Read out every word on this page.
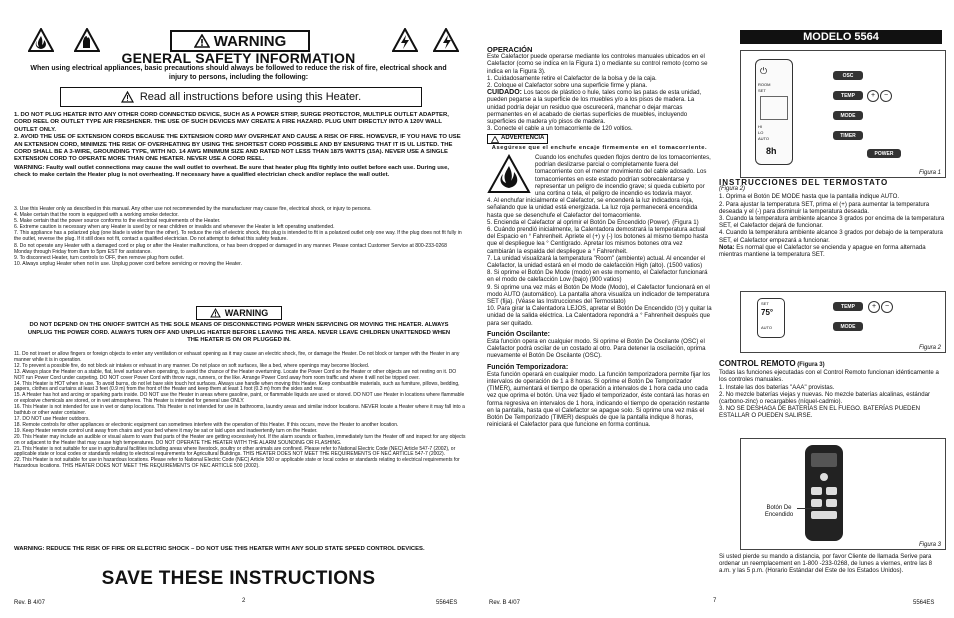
WARNING
GENERAL SAFETY INFORMATION
When using electrical appliances, basic precautions should always be followed to reduce the risk of fire, electrical shock and injury to persons, including the following:
Read all instructions before using this Heater.
1. DO NOT PLUG HEATER INTO ANY OTHER CORD CONNECTED DEVICE, SUCH AS A POWER STRIP, SURGE PROTECTOR, MULTIPLE OUTLET ADAPTER, CORD REEL OR OUTLET TYPE AIR FRESHENER. THE USE OF SUCH DEVICES MAY CREATE A FIRE HAZARD. PLUG UNIT DIRECTLY INTO A 120V WALL OUTLET ONLY.
2. AVOID THE USE OF EXTENSION CORDS BECAUSE THE EXTENSION CORD MAY OVERHEAT AND CAUSE A RISK OF FIRE. HOWEVER, IF YOU HAVE TO USE AN EXTENSION CORD, MINIMIZE THE RISK OF OVERHEATING BY USING THE SHORTEST CORD POSSIBLE AND BY ENSURING THAT IT IS UL LISTED. THE CORD SHALL BE A 3-WIRE, GROUNDING TYPE, WITH NO. 14 AWG MINIMUM SIZE AND RATED NOT LESS THAN 1875 WATTS (15A). NEVER USE A SINGLE EXTENSION CORD TO OPERATE MORE THAN ONE HEATER. NEVER USE A CORD REEL.
WARNING: Faulty wall outlet connections may cause the wall outlet to overheat. Be sure that heater plug fits tightly into outlet before each use. During use, check to make certain the Heater plug is not overheating. If necessary have a qualified electrician check and/or replace the wall outlet.
3. Use this Heater only as described in this manual. Any other use not recommended by the manufacturer may cause fire, electrical shock, or injury to persons.
4. Make certain that the room is equipped with a working smoke detector.
5. Make certain that the power source conforms to the electrical requirements of the Heater.
6. Extreme caution is necessary when any Heater is used by or near children or invalids and whenever the Heater is left operating unattended.
7. This appliance has a polarized plug (one blade is wider than the other). To reduce the risk of electric shock, this plug is intended to fit in a polarized outlet only one way. If the plug does not fit fully in the outlet, reverse the plug. If it still does not fit, contact a qualified electrician. Do not attempt to defeat this safety feature.
8. Do not operate any Heater with a damaged cord or plug or after the Heater malfunctions, or has been dropped or damaged in any manner. Please contact Customer Service at 800-233-0268 Monday through Friday from 8am to 5pm EST for assistance.
9. To disconnect Heater, turn controls to OFF, then remove plug from outlet.
10. Always unplug Heater when not in use. Unplug power cord before servicing or moving the Heater.
WARNING
DO NOT DEPEND ON THE ON/OFF SWITCH AS THE SOLE MEANS OF DISCONNECTING POWER WHEN SERVICING OR MOVING THE HEATER. ALWAYS UNPLUG THE POWER CORD. ALWAYS TURN OFF AND UNPLUG HEATER BEFORE LEAVING THE AREA. NEVER LEAVE CHILDREN UNATTENDED WHEN THE HEATER IS ON OR PLUGGED IN.
11. Do not insert or allow fingers or foreign objects to enter any ventilation or exhaust opening as it may cause an electric shock, fire, or damage the Heater. Do not block or tamper with the Heater in any manner while it is in operation.
12. To prevent a possible fire, do not block air intakes or exhaust in any manner. Do not place on soft surfaces, like a bed, where openings may become blocked.
13. Always place the Heater on a stable, flat, level surface when operating, to avoid the chance of the Heater overturning. Locate the Power Cord so the Heater or other objects are not resting on it. DO NOT run Power Cord under carpeting. DO NOT cover Power Cord with throw rugs, runners, or the like. Arrange Power Cord away from room traffic and where it will not be tripped over.
14. This Heater is HOT when in use. To avoid burns, do not let bare skin touch hot surfaces. Always use handle when moving this Heater. Keep combustible materials, such as furniture, pillows, bedding, papers, clothes and curtains at least 3 feet (0.9 m) from the front of the Heater and keep them at least 1 foot (0.3 m) from the sides and rear.
15. A Heater has hot and arcing or sparking parts inside. DO NOT use the Heater in areas where gasoline, paint, or flammable liquids are used or stored. DO NOT use Heater in locations where flammable or explosive chemicals are stored, or in wet atmospheres. This Heater is intended for general use ONLY.
16. This Heater is not intended for use in wet or damp locations. This Heater is not intended for use in bathrooms, laundry areas and similar indoor locations. NEVER locate a Heater where it may fall into a bathtub or other water container.
17. DO NOT use Heater outdoors.
18. Remote controls for other appliances or electronic equipment can sometimes interfere with the operation of this Heater. If this occurs, move the Heater to another location.
19. Keep Heater remote control unit away from chairs and your bed where it may be sat or laid upon and inadvertently turn on the Heater.
20. This Heater may include an audible or visual alarm to warn that parts of the Heater are getting excessively hot. If the alarm sounds or flashes, immediately turn the Heater off and inspect for any objects on or adjacent to the Heater that may cause high temperatures. DO NOT OPERATE THE HEATER WITH THE ALARM SOUNDING OR FLASHING.
21. This Heater is not suitable for use in agricultural facilities including areas where livestock, poultry or other animals are confined. Please refer to National Electric Code (NEC) Article 547-7 (2002), or applicable state or local codes or standards relating to electrical requirements for Agricultural Buildings. THIS HEATER DOES NOT MEET THE REQUIREMENTS OF NEC ARTICLE 547-7 (2002).
22. This Heater is not suitable for use in hazardous locations. Please refer to National Electric Code (NEC) Article 500 or applicable state or local codes or standards relating to electrical requirements for Hazardous locations. THIS HEATER DOES NOT MEET THE REQUIREMENTS OF NEC ARTICLE 500 (2002).
WARNING: REDUCE THE RISK OF FIRE OR ELECTRIC SHOCK – DO NOT USE THIS HEATER WITH ANY SOLID STATE SPEED CONTROL DEVICES.
SAVE THESE INSTRUCTIONS
Rev. B 4/07	2	5564ES
MODELO 5564
OPERACIÓN
Este Calefactor puede operarse mediante los controles manuales ubicados en el Calefactor (como se indica en la Figura 1) o mediante su control remoto (como se indica en la Figura 3).
1. Cuidadosamente retire el Calefactor de la bolsa y de la caja.
2. Coloque el Calefactor sobre una superficie firme y plana.
CUIDADO: Los tacos de plástico o hule, tales como las patas de esta unidad, pueden pegarse a la superficie de los muebles y/o a los pisos de madera. La unidad podría dejar un residuo que oscurecerá, manchar o dejar marcas permanentes en el acabado de ciertas superficies de muebles, incluyendo superficies de madera y/o pisos de madera.
3. Conecte el cable a un tomacorriente de 120 voltios.
ADVERTENCIA
Asegúrese que el enchufe encaje firmemente en el tomacorriente.
Cuando los enchufes queden flojos dentro de los tomacorrientes, podrían deslizarse parcial o completamente fuera del tomacorriente con el menor movimiento del cable adosado. Los tomacorrientes en este estado podrían sobrecalentarse y representar un peligro de incendio grave; si queda cubierto por una cortina o tela, el peligro de incendio es todavía mayor.
4. Al enchufar inicialmente el Calefactor, se encenderá la luz indicadora roja, señalando que la unidad está energizada. La luz roja permanecerá encendida hasta que se desenchufe el Calefactor del tomacorriente.
5. Encienda el Calefactor al oprimir el Botón De Encendido (Power). (Figura 1)
6. Cuándo prendió inicialmente, la Calentadora demostrará la temperatura actual del Espacio en ° Fahrenheit. Apriete el (+) y (-) los botones al mismo tiempo hasta que el despliegue lea ° Centígrado. Apretar los mismos botones otra vez cambiarán la espalda del despliegue a ° Fahrenheit.
7. La unidad visualizará la temperatura "Room" (ambiente) actual. Al encender el Calefactor, la unidad estará en el modo de calefacción High (alto). (1500 vatios)
8. Si oprime el Botón De Mode (modo) en este momento, el Calefactor funcionará en el modo de calefacción Low (bajo) (900 vatios)
9. Si oprime una vez más el Botón De Mode (Modo), el Calefactor funcionará en el modo AUTO (automático). La pantalla ahora visualiza un indicador de temperatura SET (fija). (Véase las Instrucciones del Termostato)
10. Para girar la Calentadora LEJOS, apretar el Botón De Encendido (⏻) y quitar la unidad de la salida eléctrica. La Calentadora repondrá a ° Fahrenheit después que para ser quitado.
Función Oscilante:
Esta función opera en cualquier modo. Si oprime el Botón De Oscilante (OSC) el Calefactor podrá oscilar de un costado al otro. Para detener la oscilación, oprima nuevamente el Botón De Oscilante (OSC).
Función Temporizadora:
Esta función operará en cualquier modo. La función temporizadora permite fijar los intervalos de operación de 1 a 8 horas. Si oprime el Botón De Temporizador (TIMER), aumentará el tiempo de operación a intervalos de 1 hora cada uno cada vez que oprima el botón. Una vez fijado el temporizador, éste contará las horas en forma regresiva en intervalos de 1 hora, indicando el tiempo de operación restante en la pantalla, hasta que el Calefactor se apague solo. Si oprime una vez más el Botón De Temporizado (TIMER) después de que la pantalla indique 8 horas, reiniciará el Calefactor para que funcione en forma continua.
⏻
ROOM
SET
HI
LO
AUTO
8h
OSC
TEMP	+	−
MODE
TIMER
POWER
Figura 1
INSTRUCCIONES DEL TERMOSTATO
(Figura 2)
1. Oprima el Botón DE MODE hasta que la pantalla indique AUTO.
2. Para ajustar la temperatura SET, prima el (+) para aumentar la temperatura deseada y el (-) para disminuir la temperatura deseada.
3. Cuando la temperatura ambiente alcance 3 grados por encima de la temperatura SET, el Calefactor dejará de funcionar.
4. Cuando la temperatura ambiente alcance 3 grados por debajo de la temperatura SET, el Calefactor empezará a funcionar.
Nota: Es normal que el Calefactor se encienda y apague en forma alternada mientras mantiene la temperatura SET.
SET
75°
AUTO
TEMP	+	−
MODE
Figura 2
CONTROL REMOTO (Figura 3)
Todas las funciones ejecutadas con el Control Remoto funcionan idénticamente a los controles manuales.
1. Instale las dos baterías "AAA" provistas.
2. No mezcle baterías viejas y nuevas. No mezcle baterías alcalinas, estándar (carbono-zinc) o recargables (níquel-cadmio).
3. NO SE DESHAGA DE BATERÍAS EN EL FUEGO. BATERÍAS PUEDEN ESTALLAR O PUEDEN SALIRSE.
Botón De Encendido
Figura 3
Si usted pierde su mando a distancia, por favor Cliente de llamada Serive para ordenar un reemplacement en 1-800 -233-0268, de lunes a viernes, entre las 8 a.m. y las 5 p.m. (Horario Estándar del Este de los Estados Unidos).
Rev. B 4/07	7	5564ES
